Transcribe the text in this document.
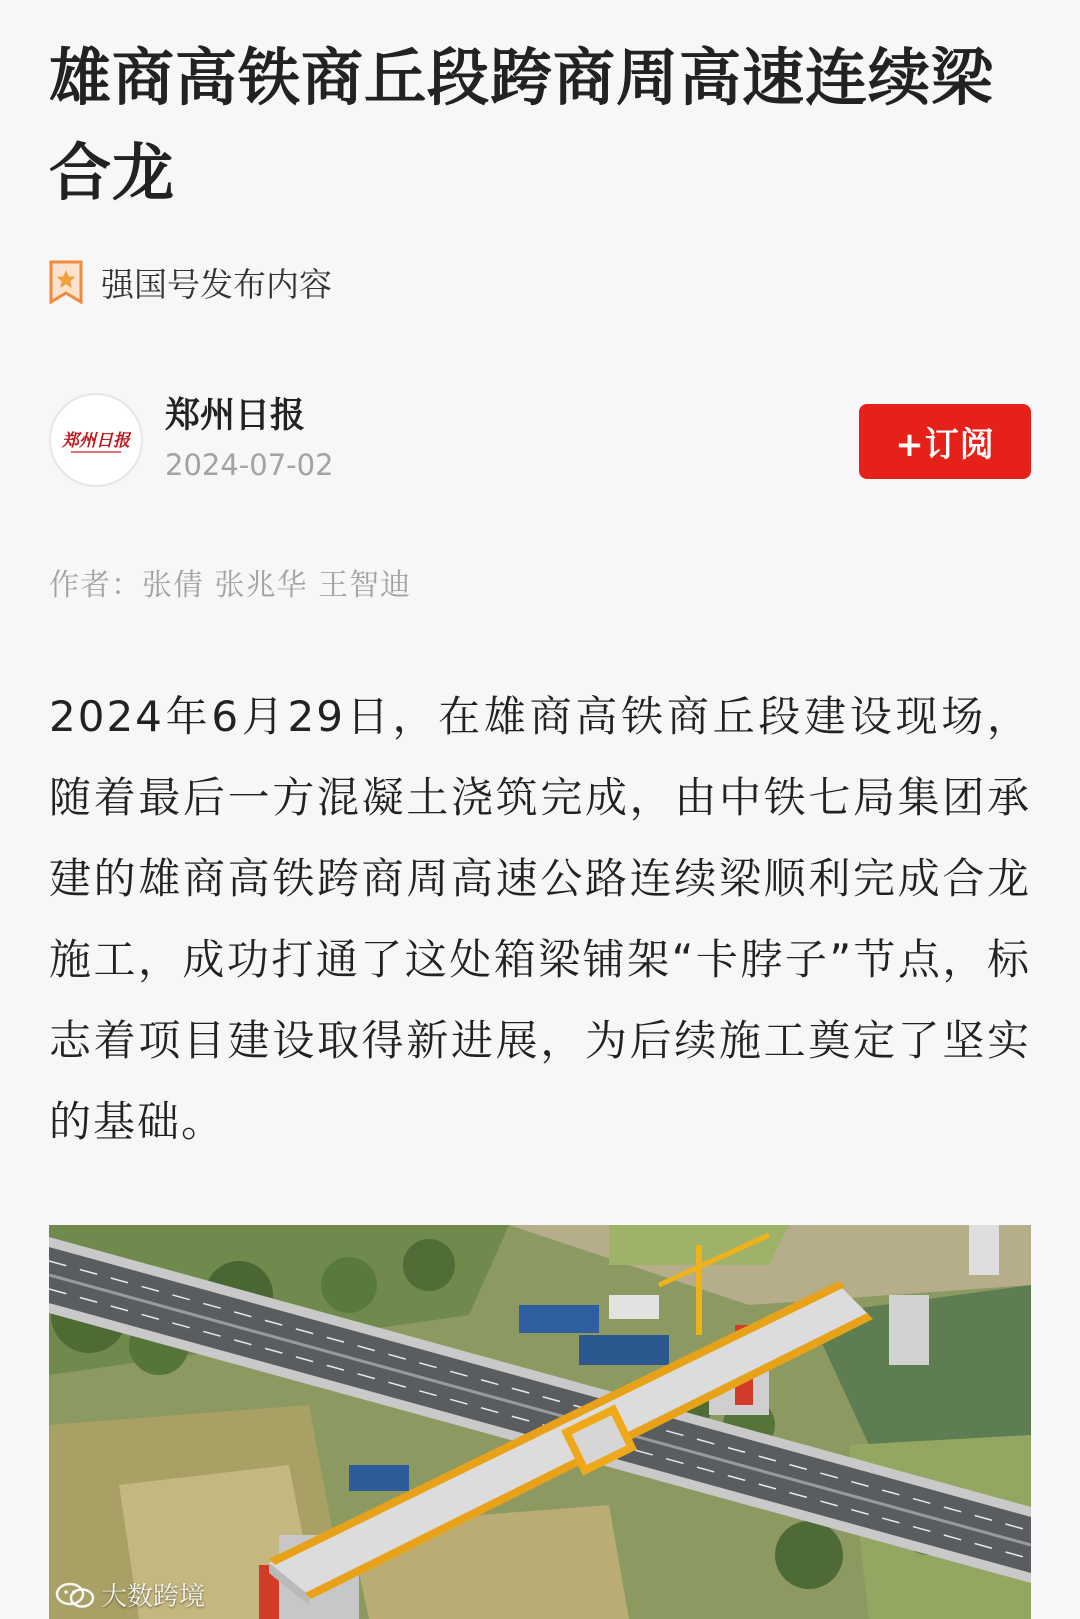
雄商高铁商丘段跨商周高速连续梁合龙
强国号发布内容
郑州日报
郑州日报
2024-07-02	+订阅
作者：张倩 张兆华 王智迪

2024年6月29日，在雄商高铁商丘段建设现场，随着最后一方混凝土浇筑完成，由中铁七局集团承建的雄商高铁跨商周高速公路连续梁顺利完成合龙施工，成功打通了这处箱梁铺架“卡脖子”节点，标志着项目建设取得新进展，为后续施工奠定了坚实的基础。

大数跨境
